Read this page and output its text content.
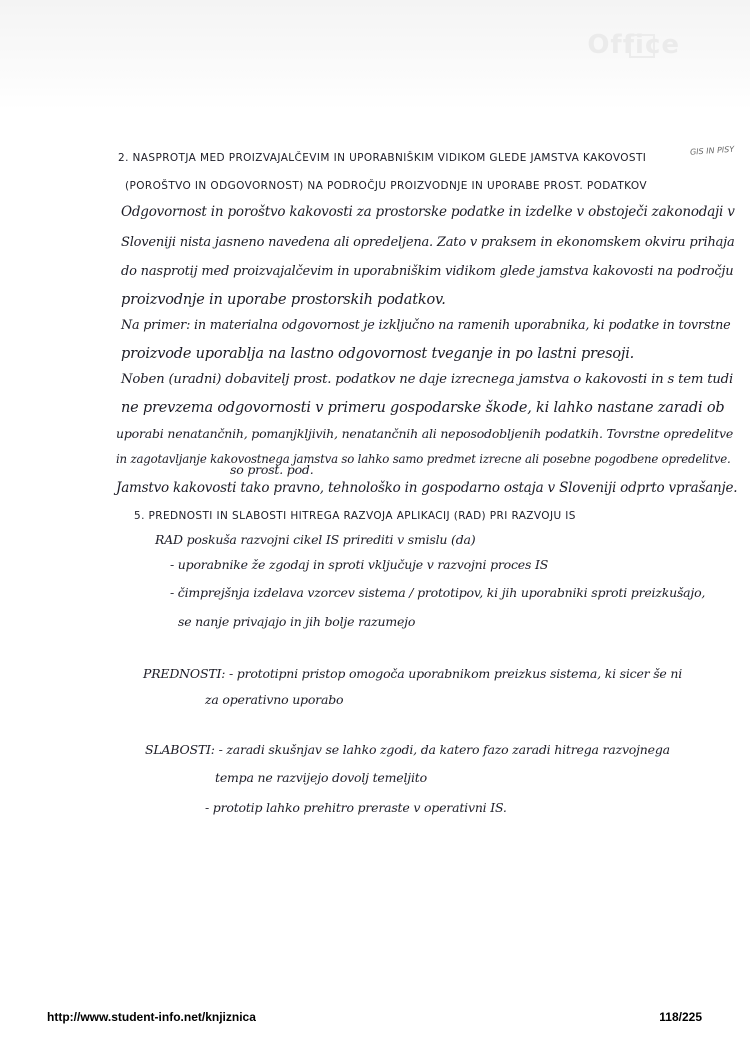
Office
GIS IN PISY
2. NASPROTJA MED PROIZVAJALČEVIM IN UPORABNIŠKIM VIDIKOM GLEDE JAMSTVA KAKOVOSTI
(POROŠTVO IN ODGOVORNOST) NA PODROČJU PROIZVODNJE IN UPORABE PROST. PODATKOV
Odgovornost in poroštvo kakovosti za prostorske podatke in izdelke v obstoječi zakonodaji v
Sloveniji nista jasneno navedena ali opredeljena. Zato v praksem in ekonomskem okviru prihaja
do nasprotij med proizvajalčevim in uporabniškim vidikom glede jamstva kakovosti na področju
proizvodnje in uporabe prostorskih podatkov.
Na primer: in materialna odgovornost je izključno na ramenih uporabnika, ki podatke in tovrstne
proizvode uporablja na lastno odgovornost tveganje in po lastni presoji.
Noben (uradni) dobavitelj prost. podatkov ne daje izrecnega jamstva o kakovosti in s tem tudi
ne prevzema odgovornosti v primeru gospodarske škode, ki lahko nastane zaradi ob
uporabi nenatančnih, pomanjkljivih, nenatančnih ali neposodobljenih podatkih. Tovrstne opredelitve
so prost. pod.
in zagotavljanje kakovostnega jamstva so lahko samo predmet izrecne ali posebne pogodbene opredelitve.
Jamstvo kakovosti tako pravno, tehnološko in gospodarno ostaja v Sloveniji odprto vprašanje.
5. PREDNOSTI IN SLABOSTI HITREGA RAZVOJA APLIKACIJ (RAD) PRI RAZVOJU IS
RAD poskuša razvojni cikel IS prirediti v smislu (da)
- uporabnike že zgodaj in sproti vključuje v razvojni proces IS
- čimprejšnja izdelava vzorcev sistema / prototipov, ki jih uporabniki sproti preizkušajo,
se nanje privajajo in jih bolje razumejo
PREDNOSTI: - prototipni pristop omogoča uporabnikom preizkus sistema, ki sicer še ni
za operativno uporabo
SLABOSTI: - zaradi skušnjav se lahko zgodi, da katero fazo zaradi hitrega razvojnega
tempa ne razvijejo dovolj temeljito
- prototip lahko prehitro preraste v operativni IS.
http://www.student-info.net/knjiznica	118/225
